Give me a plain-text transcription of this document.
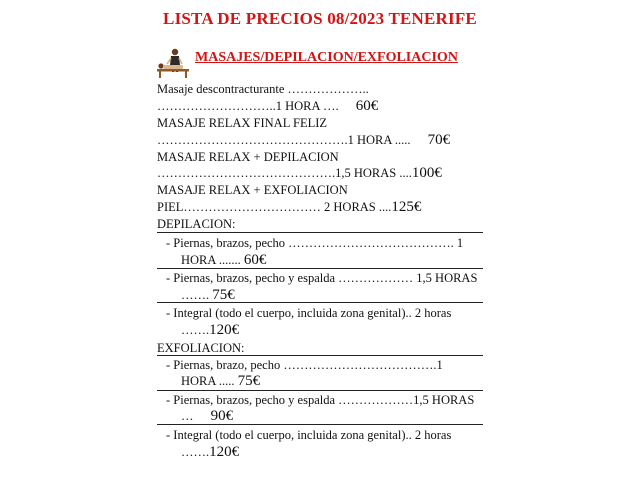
LISTA DE PRECIOS 08/2023 TENERIFE
MASAJES/DEPILACION/EXFOLIACION
Masaje descontracturante ………………..
………………………..1 HORA …. 60€
MASAJE RELAX FINAL FELIZ
……………………………………….1 HORA ..... 70€
MASAJE RELAX + DEPILACION
…………………………………….1,5 HORAS ....100€
MASAJE RELAX + EXFOLIACION
PIEL…………………………… 2 HORAS ....125€
DEPILACION:
- Piernas, brazos, pecho …………………………………. 1
HORA ....... 60€
- Piernas, brazos, pecho y espalda ……………… 1,5 HORAS
……. 75€
- Integral (todo el cuerpo, incluida zona genital).. 2 horas
…….120€
EXFOLIACION:
- Piernas, brazo, pecho ……………………………….1
HORA ..... 75€
- Piernas, brazos, pecho y espalda ………………1,5 HORAS
… 90€
- Integral (todo el cuerpo, incluida zona genital).. 2 horas
…….120€
